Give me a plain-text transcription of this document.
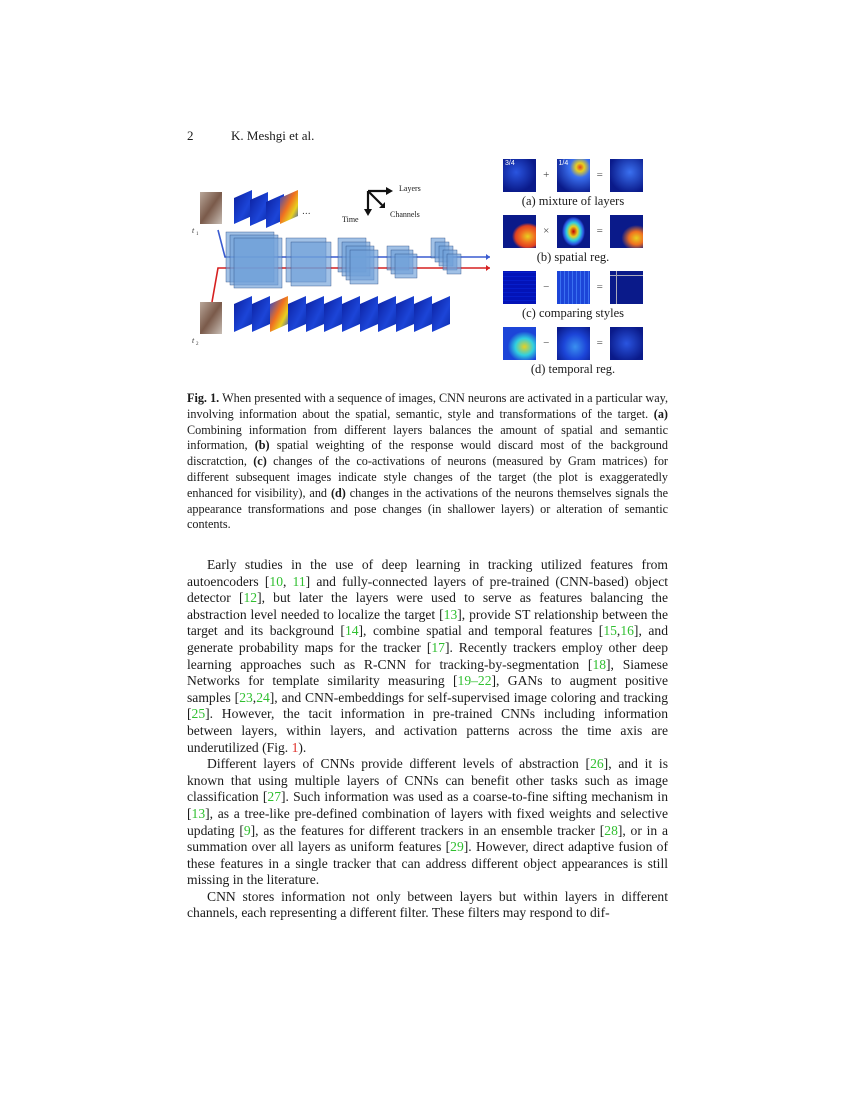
2	K. Meshgi et al.
t 1
t 2
...
Layers
Channels
Time
3/4
+
1/4
=
(a) mixture of layers
×	=
(b) spatial reg.
−	=
(c) comparing styles
−	=
(d) temporal reg.
Fig. 1. When presented with a sequence of images, CNN neurons are activated in a particular way, involving information about the spatial, semantic, style and transformations of the target. (a) Combining information from different layers balances the amount of spatial and semantic information, (b) spatial weighting of the response would discard most of the background discratction, (c) changes of the co-activations of neurons (measured by Gram matrices) for different subsequent images indicate style changes of the target (the plot is exaggeratedly enhanced for visibility), and (d) changes in the activations of the neurons themselves signals the appearance transformations and pose changes (in shallower layers) or alteration of semantic contents.

Early studies in the use of deep learning in tracking utilized features from autoencoders [10, 11] and fully-connected layers of pre-trained (CNN-based) object detector [12], but later the layers were used to serve as features balancing the abstraction level needed to localize the target [13], provide ST relationship between the target and its background [14], combine spatial and temporal features [15,16], and generate probability maps for the tracker [17]. Recently trackers employ other deep learning approaches such as R-CNN for tracking-by-segmentation [18], Siamese Networks for template similarity measuring [19–22], GANs to augment positive samples [23,24], and CNN-embeddings for self-supervised image coloring and tracking [25]. However, the tacit information in pre-trained CNNs including information between layers, within layers, and activation patterns across the time axis are underutilized (Fig. 1).

Different layers of CNNs provide different levels of abstraction [26], and it is known that using multiple layers of CNNs can benefit other tasks such as image classification [27]. Such information was used as a coarse-to-fine sifting mechanism in [13], as a tree-like pre-defined combination of layers with fixed weights and selective updating [9], as the features for different trackers in an ensemble tracker [28], or in a summation over all layers as uniform features [29]. However, direct adaptive fusion of these features in a single tracker that can address different object appearances is still missing in the literature.

CNN stores information not only between layers but within layers in different channels, each representing a different filter. These filters may respond to dif-
